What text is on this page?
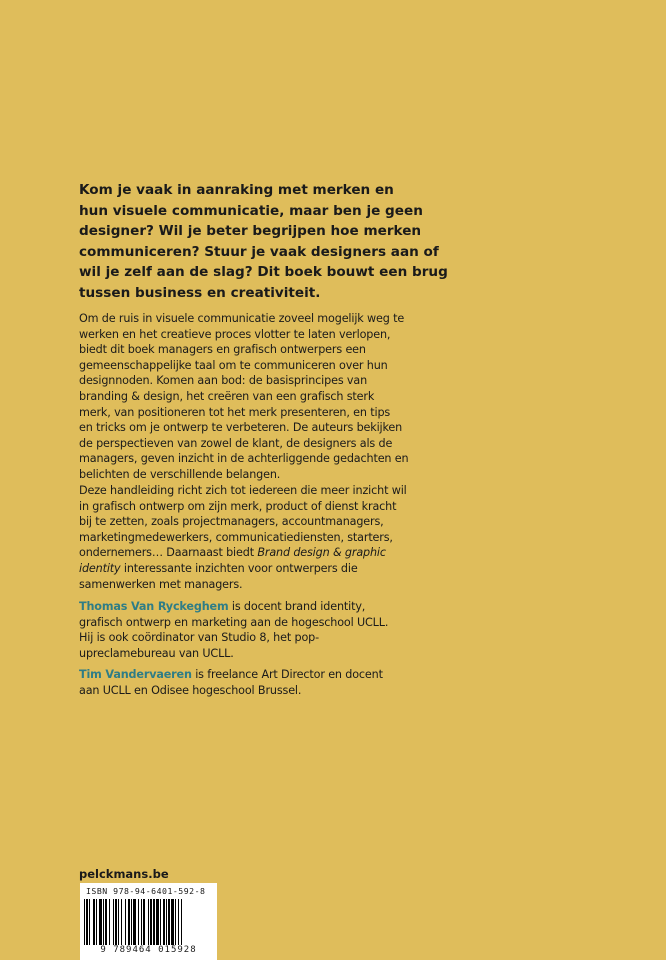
Kom je vaak in aanraking met merken en
hun visuele communicatie, maar ben je geen
designer? Wil je beter begrijpen hoe merken
communiceren? Stuur je vaak designers aan of
wil je zelf aan de slag? Dit boek bouwt een brug
tussen business en creativiteit.
Om de ruis in visuele communicatie zoveel mogelijk weg te
werken en het creatieve proces vlotter te laten verlopen,
biedt dit boek managers en grafisch ontwerpers een
gemeenschappelijke taal om te communiceren over hun
designnoden. Komen aan bod: de basisprincipes van
branding & design, het creëren van een grafisch sterk
merk, van positioneren tot het merk presenteren, en tips
en tricks om je ontwerp te verbeteren. De auteurs bekijken
de perspectieven van zowel de klant, de designers als de
managers, geven inzicht in de achterliggende gedachten en
belichten de verschillende belangen.
Deze handleiding richt zich tot iedereen die meer inzicht wil
in grafisch ontwerp om zijn merk, product of dienst kracht
bij te zetten, zoals projectmanagers, accountmanagers,
marketingmedewerkers, communicatiediensten, starters,
ondernemers… Daarnaast biedt Brand design & graphic
identity interessante inzichten voor ontwerpers die
samenwerken met managers.
Thomas Van Ryckeghem is docent brand identity,
grafisch ontwerp en marketing aan de hogeschool UCLL.
Hij is ook coördinator van Studio 8, het pop-
upreclamebureau van UCLL.
Tim Vandervaeren is freelance Art Director en docent
aan UCLL en Odisee hogeschool Brussel.

pelckmans.be

ISBN 978-94-6401-592-8
9 789464 015928
